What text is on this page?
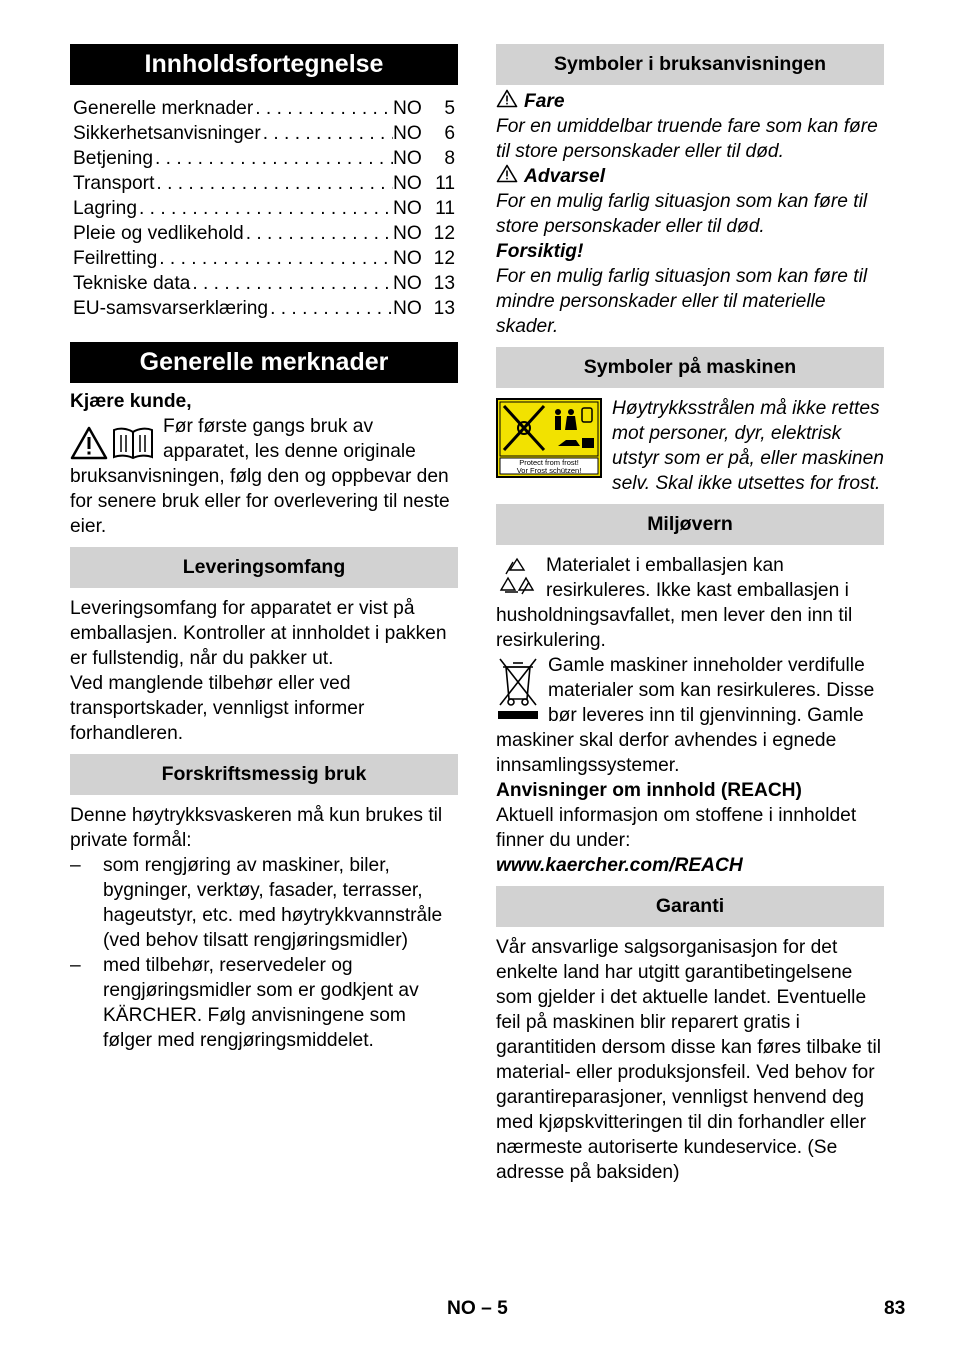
Innholdsfortegnelse
Generelle merknader . . .	NO	5
Sikkerhetsanvisninger . . .	NO	6
Betjening . . .	NO	8
Transport . . .	NO 11
Lagring . . .	NO 11
Pleie og vedlikehold . . .	NO 12
Feilretting . . .	NO 12
Tekniske data . . .	NO 13
EU-samsvarserklæring . . .	NO 13
Generelle merknader

Kjære kunde,

Før første gangs bruk av apparatet, les denne originale bruksanvisningen, følg den og oppbevar den for senere bruk eller for overlevering til neste eier.

Leveringsomfang

Leveringsomfang for apparatet er vist på emballasjen. Kontroller at innholdet i pakken er fullstendig, når du pakker ut.

Ved manglende tilbehør eller ved transportskader, vennligst informer forhandleren.

Forskriftsmessig bruk

Denne høytrykksvaskeren må kun brukes til private formål:

–	som rengjøring av maskiner, biler, bygninger, verktøy, fasader, terrasser, hageutstyr, etc. med høytrykkvannstråle (ved behov tilsatt rengjøringsmidler)
–	med tilbehør, reservedeler og rengjøringsmidler som er godkjent av KÄRCHER. Følg anvisningene som følger med rengjøringsmiddelet.
Symboler i bruksanvisningen

Fare

For en umiddelbar truende fare som kan føre til store personskader eller til død.

Advarsel

For en mulig farlig situasjon som kan føre til store personskader eller til død.

Forsiktig!

For en mulig farlig situasjon som kan føre til mindre personskader eller til materielle skader.

Symboler på maskinen
Protect from frost!
Vor Frost schützen!

Høytrykksstrålen må ikke rettes mot personer, dyr, elektrisk utstyr som er på, eller maskinen selv. Skal ikke utsettes for frost.

Miljøvern

Materialet i emballasjen kan resirkuleres. Ikke kast emballasjen i husholdningsavfallet, men lever den inn til resirkulering.

Gamle maskiner inneholder verdifulle materialer som kan resirkuleres. Disse bør leveres inn til gjenvinning. Gamle maskiner skal derfor avhendes i egnede innsamlingssystemer.

Anvisninger om innhold (REACH)

Aktuell informasjon om stoffene i innholdet finner du under:

www.kaercher.com/REACH

Garanti

Vår ansvarlige salgsorganisasjon for det enkelte land har utgitt garantibetingelsene som gjelder i det aktuelle landet. Eventuelle feil på maskinen blir reparert gratis i garantitiden dersom disse kan føres tilbake til material- eller produksjonsfeil. Ved behov for garantireparasjoner, vennligst henvend deg med kjøpskvitteringen til din forhandler eller nærmeste autoriserte kundeservice. (Se adresse på baksiden)

NO – 5	83
